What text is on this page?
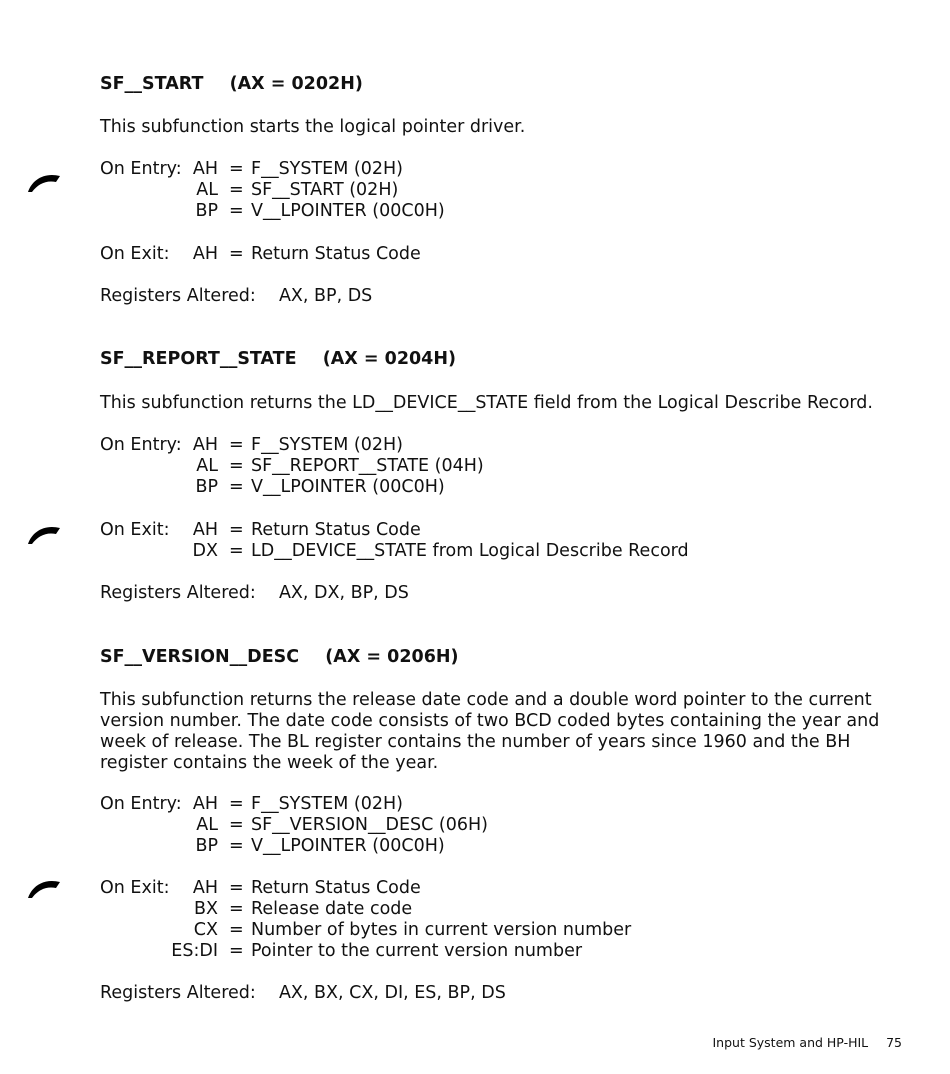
SF__START (AX = 0202H)
This subfunction starts the logical pointer driver.
On Entry: AH = F__SYSTEM (02H)
AL = SF__START (02H)
BP = V__LPOINTER (00C0H)
On Exit:	AH = Return Status Code
Registers Altered: AX, BP, DS
SF__REPORT__STATE (AX = 0204H)
This subfunction returns the LD__DEVICE__STATE field from the Logical Describe Record.
On Entry: AH = F__SYSTEM (02H)
AL = SF__REPORT__STATE (04H)
BP = V__LPOINTER (00C0H)
On Exit:	AH = Return Status Code
DX = LD__DEVICE__STATE from Logical Describe Record
Registers Altered: AX, DX, BP, DS
SF__VERSION__DESC (AX = 0206H)
This subfunction returns the release date code and a double word pointer to the current version number. The date code consists of two BCD coded bytes containing the year and week of release. The BL register contains the number of years since 1960 and the BH register contains the week of the year.
On Entry: AH = F__SYSTEM (02H)
AL = SF__VERSION__DESC (06H)
BP = V__LPOINTER (00C0H)
On Exit:	AH = Return Status Code
BX = Release date code
CX = Number of bytes in current version number
ES:DI = Pointer to the current version number
Registers Altered: AX, BX, CX, DI, ES, BP, DS
Input System and HP-HIL 75
